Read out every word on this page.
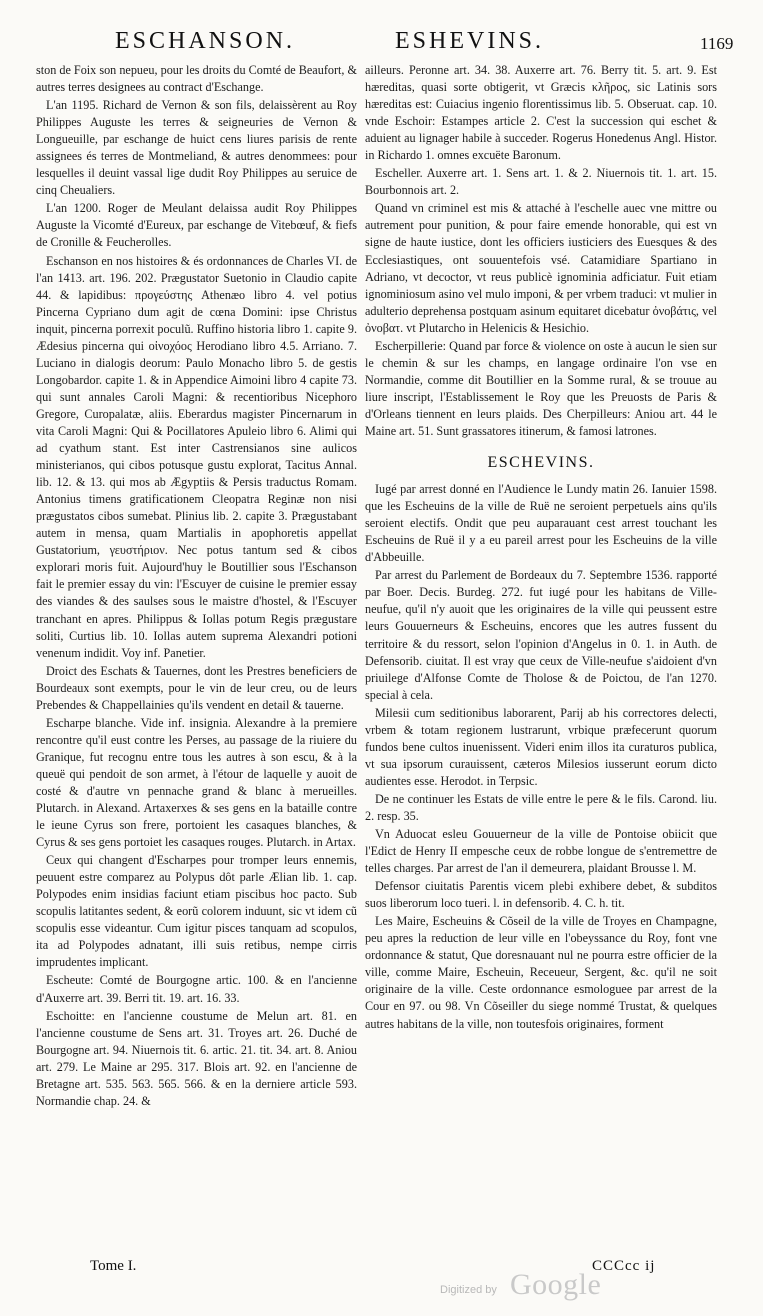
ESCHANSON.	ESHEVINS.	1169

ston de Foix son nepueu, pour les droits du Comté de Beaufort, & autres terres designees au contract d'Eschange.

L'an 1195. Richard de Vernon & son fils, delaissèrent au Roy Philippes Auguste les terres & seigneuries de Vernon & Longueuille, par eschange de huict cens liures parisis de rente assignees és terres de Montmeliand, & autres denommees: pour lesquelles il deuint vassal lige dudit Roy Philippes au seruice de cinq Cheualiers.

L'an 1200. Roger de Meulant delaissa audit Roy Philippes Auguste la Vicomté d'Eureux, par eschange de Vitebœuf, & fiefs de Cronille & Feucherolles.

Eschanson en nos histoires & és ordonnances de Charles VI. de l'an 1413. art. 196. 202. Prægustator Suetonio in Claudio capite 44. & lapidibus: προγεύστης Athenæo libro 4. vel potius Pincerna Cypriano dum agit de cœna Domini: ipse Christus inquit, pincerna porrexit poculũ. Ruffino historia libro 1. capite 9. Ædesius pincerna qui οἰνοχόος Herodiano libro 4.5. Arriano. 7. Luciano in dialogis deorum: Paulo Monacho libro 5. de gestis Longobardor. capite 1. & in Appendice Aimoini libro 4 capite 73. qui sunt annales Caroli Magni: & recentioribus Nicephoro Gregore, Curopalatæ, aliis. Eberardus magister Pincernarum in vita Caroli Magni: Qui & Pocillatores Apuleio libro 6. Alimi qui ad cyathum stant. Est inter Castrensianos sine aulicos ministerianos, qui cibos potusque gustu explorat, Tacitus Annal. lib. 12. & 13. qui mos ab Ægyptiis & Persis traductus Romam. Antonius timens gratificationem Cleopatra Reginæ non nisi prægustatos cibos sumebat. Plinius lib. 2. capite 3. Prægustabant autem in mensa, quam Martialis in apophoretis appellat Gustatorium, γευστήριον. Nec potus tantum sed & cibos explorari moris fuit. Aujourd'huy le Boutillier sous l'Eschanson fait le premier essay du vin: l'Escuyer de cuisine le premier essay des viandes & des saulses sous le maistre d'hostel, & l'Escuyer tranchant en apres. Philippus & Iollas potum Regis prægustare soliti, Curtius lib. 10. Iollas autem suprema Alexandri potioni venenum indidit. Voy inf. Panetier.

Droict des Eschats & Tauernes, dont les Prestres beneficiers de Bourdeaux sont exempts, pour le vin de leur creu, ou de leurs Prebendes & Chappellainies qu'ils vendent en detail & tauerne.

Escharpe blanche. Vide inf. insignia. Alexandre à la premiere rencontre qu'il eust contre les Perses, au passage de la riuiere du Granique, fut recognu entre tous les autres à son escu, & à la queuë qui pendoit de son armet, à l'étour de laquelle y auoit de costé & d'autre vn pennache grand & blanc à merueilles. Plutarch. in Alexand. Artaxerxes & ses gens en la bataille contre le ieune Cyrus son frere, portoient les casaques blanches, & Cyrus & ses gens portoiet les casaques rouges. Plutarch. in Artax.

Ceux qui changent d'Escharpes pour tromper leurs ennemis, peuuent estre comparez au Polypus dôt parle Ælian lib. 1. cap. Polypodes enim insidias faciunt etiam piscibus hoc pacto. Sub scopulis latitantes sedent, & eorũ colorem induunt, sic vt idem cũ scopulis esse videantur. Cum igitur pisces tanquam ad scopulos, ita ad Polypodes adnatant, illi suis retibus, nempe cirris imprudentes implicant.

Escheute: Comté de Bourgogne artic. 100. & en l'ancienne d'Auxerre art. 39. Berri tit. 19. art. 16. 33.

Eschoitte: en l'ancienne coustume de Melun art. 81. en l'ancienne coustume de Sens art. 31. Troyes art. 26. Duché de Bourgogne art. 94. Niuernois tit. 6. artic. 21. tit. 34. art. 8. Aniou art. 279. Le Maine ar 295. 317. Blois art. 92. en l'ancienne de Bretagne art. 535. 563. 565. 566. & en la derniere article 593. Normandie chap. 24. &

ailleurs. Peronne art. 34. 38. Auxerre art. 76. Berry tit. 5. art. 9. Est hæreditas, quasi sorte obtigerit, vt Græcis κλῆρος, sic Latinis sors hæreditas est: Cuiacius ingenio florentissimus lib. 5. Obseruat. cap. 10. vnde Eschoir: Estampes article 2. C'est la succession qui eschet & aduient au lignager habile à succeder. Rogerus Honedenus Angl. Histor. in Richardo 1. omnes excuëte Baronum.

Escheller. Auxerre art. 1. Sens art. 1. & 2. Niuernois tit. 1. art. 15. Bourbonnois art. 2.

Quand vn criminel est mis & attaché à l'eschelle auec vne mittre ou autrement pour punition, & pour faire emende honorable, qui est vn signe de haute iustice, dont les officiers iusticiers des Euesques & des Ecclesiastiques, ont souuentefois vsé. Catamidiare Spartiano in Adriano, vt decoctor, vt reus publicè ignominia adficiatur. Fuit etiam ignominiosum asino vel mulo imponi, & per vrbem traduci: vt mulier in adulterio deprehensa postquam asinum equitaret dicebatur ὀνοβάτις, vel ὀνοβατ. vt Plutarcho in Helenicis & Hesichio.

Escherpillerie: Quand par force & violence on oste à aucun le sien sur le chemin & sur les champs, en langage ordinaire l'on vse en Normandie, comme dit Boutillier en la Somme rural, & se trouue au liure inscript, l'Establissement le Roy que les Preuosts de Paris & d'Orleans tiennent en leurs plaids. Des Cherpilleurs: Aniou art. 44 le Maine art. 51. Sunt grassatores itinerum, & famosi latrones.

ESCHEVINS.

Iugé par arrest donné en l'Audience le Lundy matin 26. Ianuier 1598. que les Escheuins de la ville de Ruë ne seroient perpetuels ains qu'ils seroient electifs. Ondit que peu auparauant cest arrest touchant les Escheuins de Ruë il y a eu pareil arrest pour les Escheuins de la ville d'Abbeuille.

Par arrest du Parlement de Bordeaux du 7. Septembre 1536. rapporté par Boer. Decis. Burdeg. 272. fut iugé pour les habitans de Ville-neufue, qu'il n'y auoit que les originaires de la ville qui peussent estre leurs Gouuerneurs & Escheuins, encores que les autres fussent du territoire & du ressort, selon l'opinion d'Angelus in 0. 1. in Auth. de Defensorib. ciuitat. Il est vray que ceux de Ville-neufue s'aidoient d'vn priuilege d'Alfonse Comte de Tholose & de Poictou, de l'an 1270. special à cela.

Milesii cum seditionibus laborarent, Parij ab his correctores delecti, vrbem & totam regionem lustrarunt, vrbique præfecerunt quorum fundos bene cultos inuenissent. Videri enim illos ita curaturos publica, vt sua ipsorum curauissent, cæteros Milesios iusserunt eorum dicto audientes esse. Herodot. in Terpsic.

De ne continuer les Estats de ville entre le pere & le fils. Carond. liu. 2. resp. 35.

Vn Aduocat esleu Gouuerneur de la ville de Pontoise obiicit que l'Edict de Henry II empesche ceux de robbe longue de s'entremettre de telles charges. Par arrest de l'an il demeurera, plaidant Brousse l. M.

Defensor ciuitatis Parentis vicem plebi exhibere debet, & subditos suos liberorum loco tueri. l. in defensorib. 4. C. h. tit.

Les Maire, Escheuins & Cõseil de la ville de Troyes en Champagne, peu apres la reduction de leur ville en l'obeyssance du Roy, font vne ordonnance & statut, Que doresnauant nul ne pourra estre officier de la ville, comme Maire, Escheuin, Receueur, Sergent, &c. qu'il ne soit originaire de la ville. Ceste ordonnance esmologuee par arrest de la Cour en 97. ou 98. Vn Cõseiller du siege nommé Trustat, & quelques autres habitans de la ville, non toutesfois originaires, forment

Tome I.	CCCcc ij
Digitized by Google
